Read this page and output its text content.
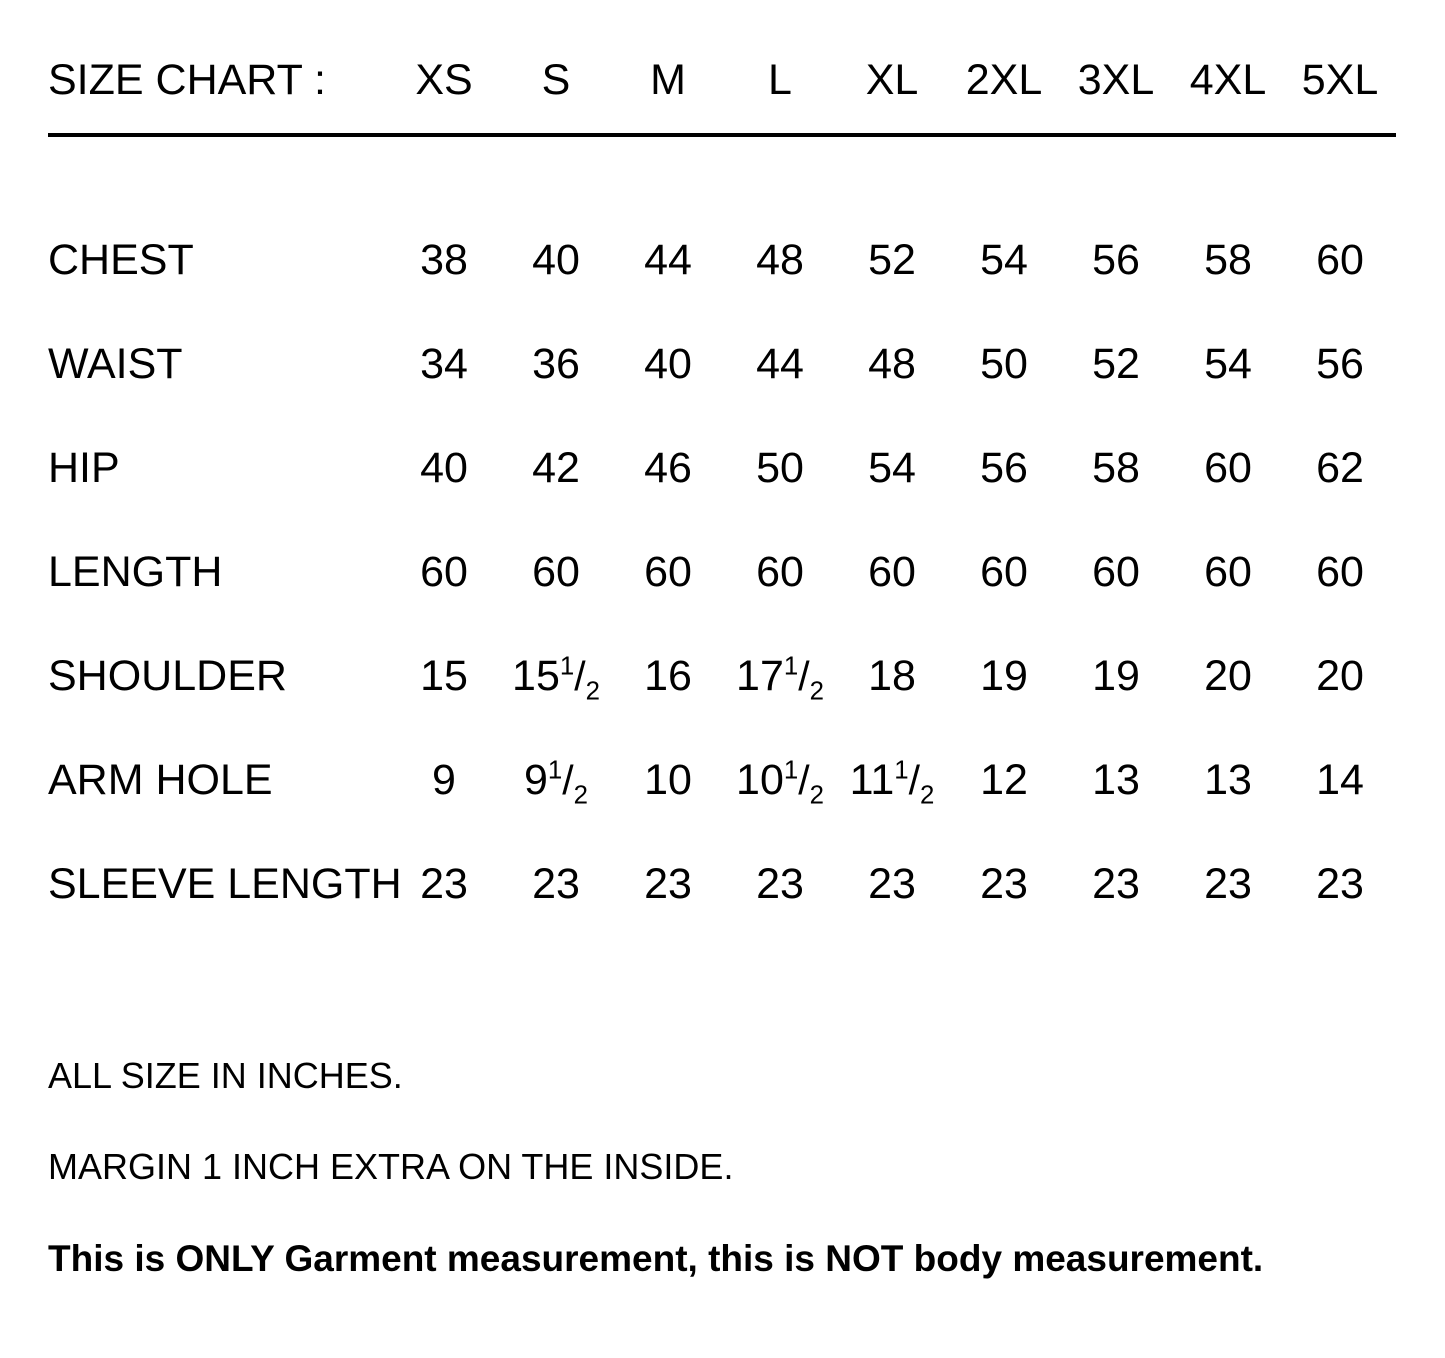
SIZE CHART :	XS	S	M	L	XL	2XL	3XL	4XL	5XL

CHEST	38	40	44	48	52	54	56	58	60
WAIST	34	36	40	44	48	50	52	54	56
HIP	40	42	46	50	54	56	58	60	62
LENGTH	60	60	60	60	60	60	60	60	60
SHOULDER	15	$15^1/_2$	16	$17^1/_2$	18	19	19	20	20
ARM HOLE	9	$9^1/_2$	10	$10^1/_2$	$11^1/_2$	12	13	13	14
SLEEVE LENGTH	23	23	23	23	23	23	23	23	23
ALL SIZE IN INCHES.
MARGIN 1 INCH EXTRA ON THE INSIDE.
This is ONLY Garment measurement, this is NOT body measurement.
